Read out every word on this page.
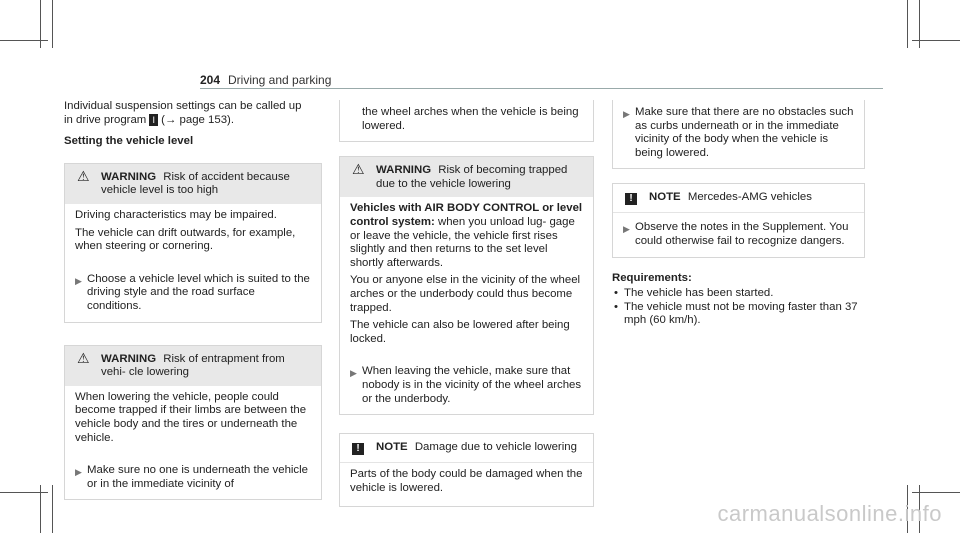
204 Driving and parking

Individual suspension settings can be called up

in drive program I (→ page 153).

Setting the vehicle level

⚠ WARNING Risk of accident because vehicle level is too high

Driving characteristics may be impaired.

The vehicle can drift outwards, for example, when steering or cornering.

▶ Choose a vehicle level which is suited to the driving style and the road surface conditions.
⚠ WARNING Risk of entrapment from vehi- cle lowering

When lowering the vehicle, people could become trapped if their limbs are between the vehicle body and the tires or underneath the vehicle.

▶ Make sure no one is underneath the vehicle or in the immediate vicinity of
the wheel arches when the vehicle is being lowered.
⚠ WARNING Risk of becoming trapped due to the vehicle lowering

Vehicles with AIR BODY CONTROL or level control system: when you unload lug- gage or leave the vehicle, the vehicle first rises slightly and then returns to the set level shortly afterwards.

You or anyone else in the vicinity of the wheel arches or the underbody could thus become trapped.

The vehicle can also be lowered after being locked.

▶ When leaving the vehicle, make sure that nobody is in the vicinity of the wheel arches or the underbody.
!	NOTE Damage due to vehicle lowering

Parts of the body could be damaged when the vehicle is lowered.

▶ Make sure that there are no obstacles such as curbs underneath or in the immediate vicinity of the body when the vehicle is being lowered.
!	NOTE Mercedes-AMG vehicles
▶ Observe the notes in the Supplement. You could otherwise fail to recognize dangers.

Requirements:

• The vehicle has been started.
• The vehicle must not be moving faster than 37 mph (60 km/h).
carmanualsonline.info
